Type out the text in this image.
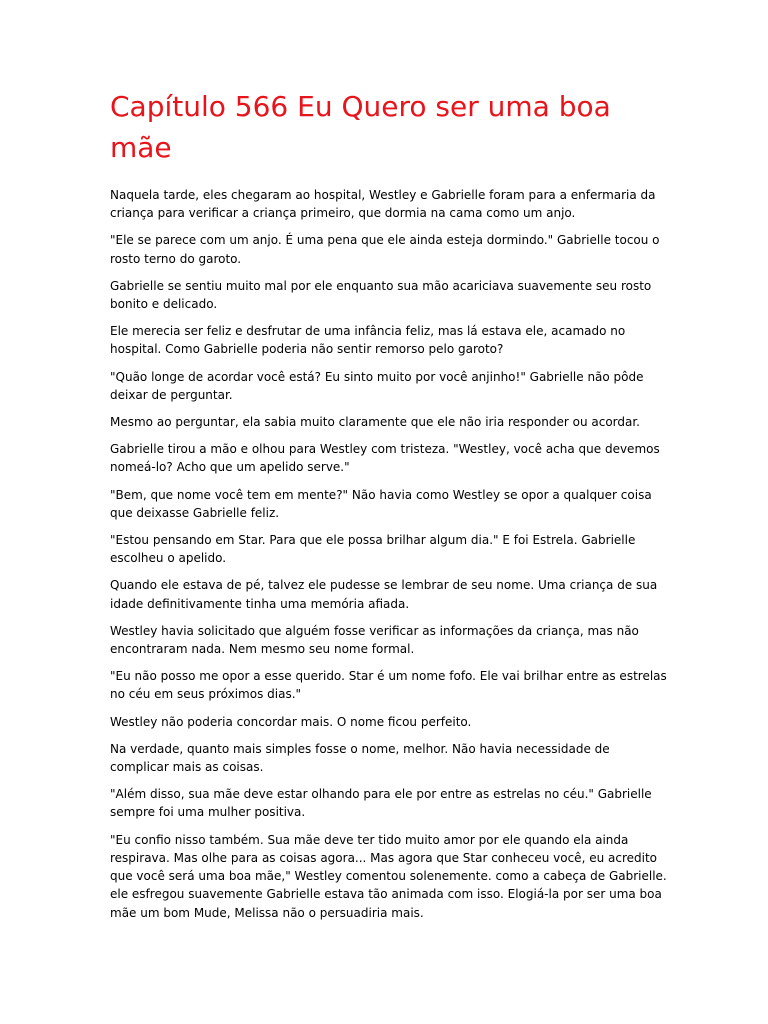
Capítulo 566 Eu Quero ser uma boa mãe

Naquela tarde, eles chegaram ao hospital, Westley e Gabrielle foram para a enfermaria da criança para verificar a criança primeiro, que dormia na cama como um anjo.

"Ele se parece com um anjo. É uma pena que ele ainda esteja dormindo." Gabrielle tocou o rosto terno do garoto.

Gabrielle se sentiu muito mal por ele enquanto sua mão acariciava suavemente seu rosto bonito e delicado.

Ele merecia ser feliz e desfrutar de uma infância feliz, mas lá estava ele, acamado no hospital. Como Gabrielle poderia não sentir remorso pelo garoto?

"Quão longe de acordar você está? Eu sinto muito por você anjinho!" Gabrielle não pôde deixar de perguntar.

Mesmo ao perguntar, ela sabia muito claramente que ele não iria responder ou acordar.

Gabrielle tirou a mão e olhou para Westley com tristeza. "Westley, você acha que devemos nomeá-lo? Acho que um apelido serve."

"Bem, que nome você tem em mente?" Não havia como Westley se opor a qualquer coisa que deixasse Gabrielle feliz.

"Estou pensando em Star. Para que ele possa brilhar algum dia." E foi Estrela. Gabrielle escolheu o apelido.

Quando ele estava de pé, talvez ele pudesse se lembrar de seu nome. Uma criança de sua idade definitivamente tinha uma memória afiada.

Westley havia solicitado que alguém fosse verificar as informações da criança, mas não encontraram nada. Nem mesmo seu nome formal.

"Eu não posso me opor a esse querido. Star é um nome fofo. Ele vai brilhar entre as estrelas no céu em seus próximos dias."

Westley não poderia concordar mais. O nome ficou perfeito.

Na verdade, quanto mais simples fosse o nome, melhor. Não havia necessidade de complicar mais as coisas.

"Além disso, sua mãe deve estar olhando para ele por entre as estrelas no céu." Gabrielle sempre foi uma mulher positiva.

"Eu confio nisso também. Sua mãe deve ter tido muito amor por ele quando ela ainda respirava. Mas olhe para as coisas agora... Mas agora que Star conheceu você, eu acredito que você será uma boa mãe," Westley comentou solenemente. como a cabeça de Gabrielle. ele esfregou suavemente Gabrielle estava tão animada com isso. Elogiá-la por ser uma boa mãe um bom Mude, Melissa não o persuadiria mais.
